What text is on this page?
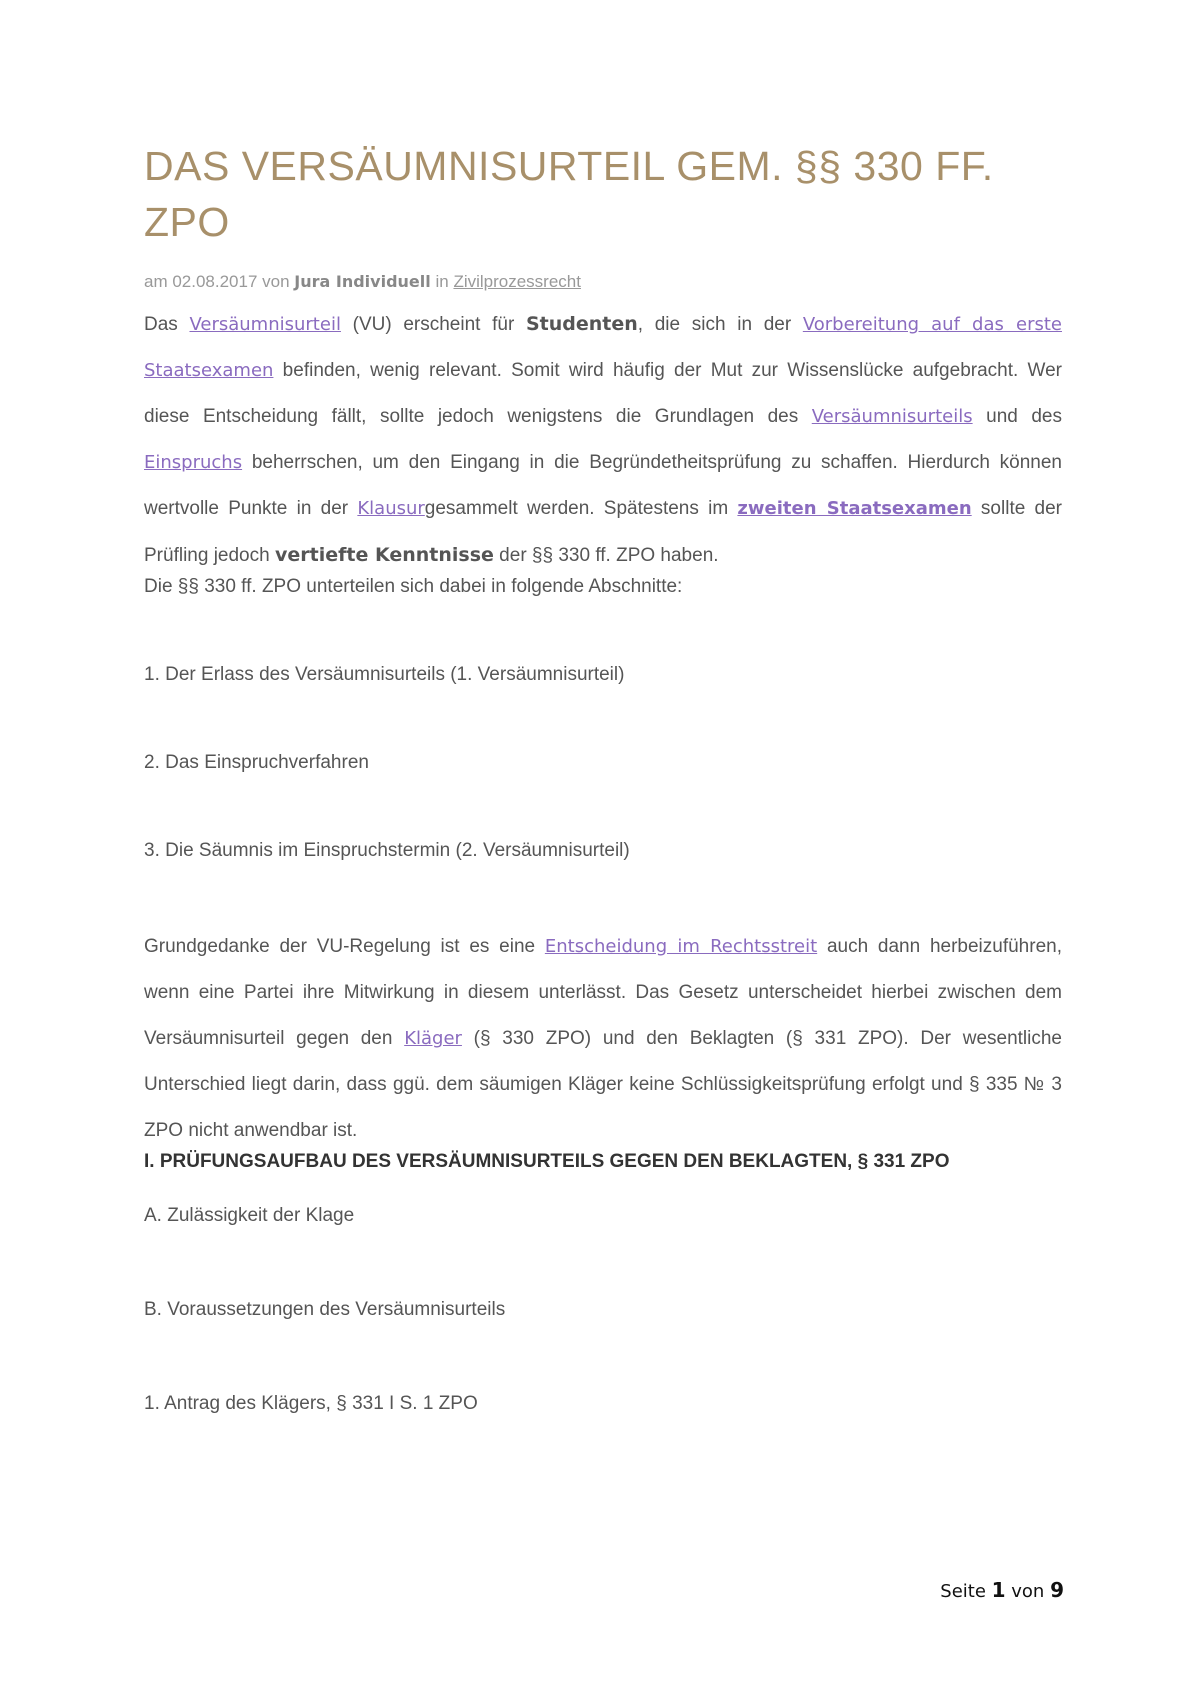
DAS VERSÄUMNISURTEIL GEM. §§ 330 FF. ZPO
am 02.08.2017 von Jura Individuell in Zivilprozessrecht

Das Versäumnisurteil (VU) erscheint für Studenten, die sich in der Vorbereitung auf das erste Staatsexamen befinden, wenig relevant. Somit wird häufig der Mut zur Wissenslücke aufgebracht. Wer diese Entscheidung fällt, sollte jedoch wenigstens die Grundlagen des Versäumnisurteils und des Einspruchs beherrschen, um den Eingang in die Begründetheitsprüfung zu schaffen. Hierdurch können wertvolle Punkte in der Klausurgesammelt werden. Spätestens im zweiten Staatsexamen sollte der Prüfling jedoch vertiefte Kenntnisse der §§ 330 ff. ZPO haben.

Die §§ 330 ff. ZPO unterteilen sich dabei in folgende Abschnitte:

1. Der Erlass des Versäumnisurteils (1. Versäumnisurteil)

2. Das Einspruchverfahren

3. Die Säumnis im Einspruchstermin (2. Versäumnisurteil)

Grundgedanke der VU-Regelung ist es eine Entscheidung im Rechtsstreit auch dann herbeizuführen, wenn eine Partei ihre Mitwirkung in diesem unterlässt. Das Gesetz unterscheidet hierbei zwischen dem Versäumnisurteil gegen den Kläger (§ 330 ZPO) und den Beklagten (§ 331 ZPO). Der wesentliche Unterschied liegt darin, dass ggü. dem säumigen Kläger keine Schlüssigkeitsprüfung erfolgt und § 335 № 3 ZPO nicht anwendbar ist.

I. PRÜFUNGSAUFBAU DES VERSÄUMNISURTEILS GEGEN DEN BEKLAGTEN, § 331 ZPO

A. Zulässigkeit der Klage

B. Voraussetzungen des Versäumnisurteils

1. Antrag des Klägers, § 331 I S. 1 ZPO

Seite 1 von 9
